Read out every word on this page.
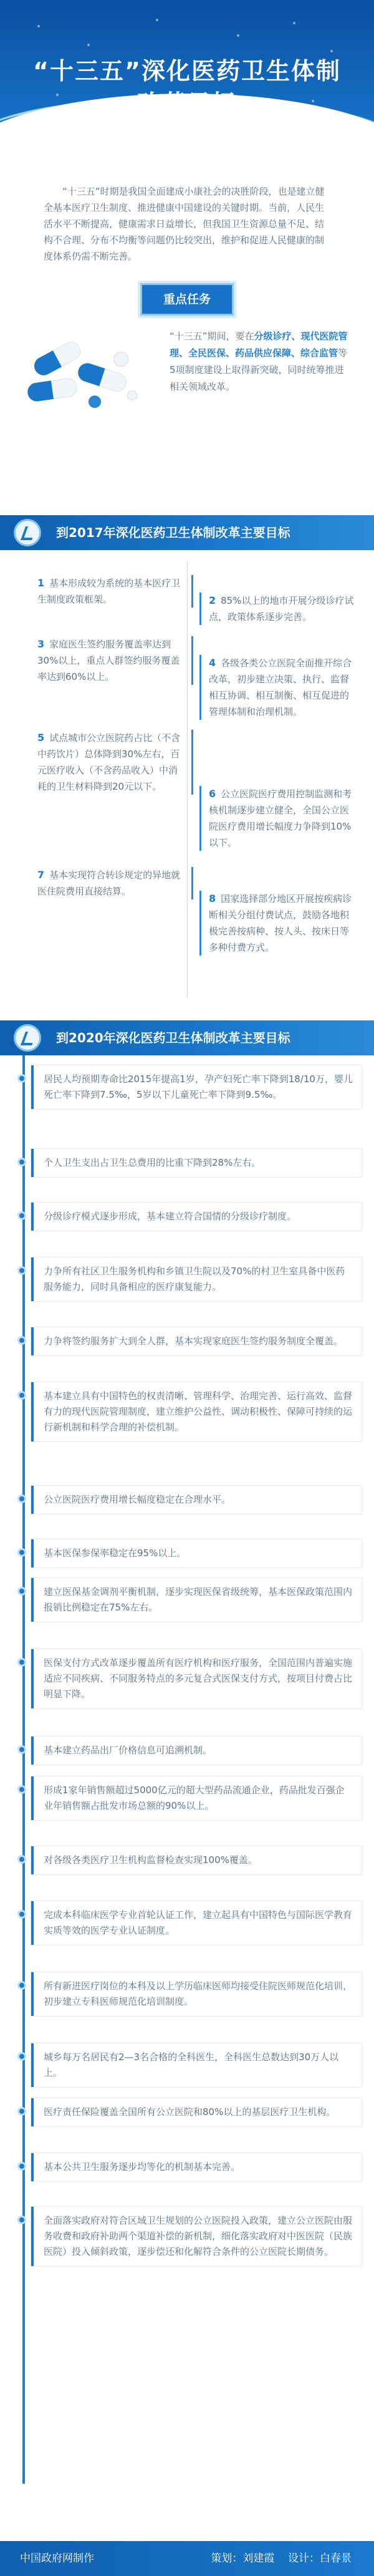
“十三五”深化医药卫生体制

“十三五”时期是我国全面建成小康社会的决胜阶段，也是建立健全基本医疗卫生制度、推进健康中国建设的关键时期。当前，人民生活水平不断提高，健康需求日益增长，但我国卫生资源总量不足、结构不合理、分布不均衡等问题仍比较突出，维护和促进人民健康的制度体系仍需不断完善。

重点任务

“十三五”期间，要在分级诊疗、现代医院管理、全民医保、药品供应保障、综合监管等5项制度建设上取得新突破，同时统筹推进相关领域改革。

到2017年深化医药卫生体制改革主要目标

1 基本形成较为系统的基本医疗卫生制度政策框架。

3 家庭医生签约服务覆盖率达到30%以上，重点人群签约服务覆盖率达到60%以上。

5 试点城市公立医院药占比（不含中药饮片）总体降到30%左右，百元医疗收入（不含药品收入）中消耗的卫生材料降到20元以下。

7 基本实现符合转诊规定的异地就医住院费用直接结算。

2 85%以上的地市开展分级诊疗试点，政策体系逐步完善。

4 各级各类公立医院全面推开综合改革，初步建立决策、执行、监督相互协调、相互制衡、相互促进的管理体制和治理机制。

6 公立医院医疗费用控制监测和考核机制逐步建立健全，全国公立医院医疗费用增长幅度力争降到10%以下。

8 国家选择部分地区开展按疾病诊断相关分组付费试点，鼓励各地积极完善按病种、按人头、按床日等多种付费方式。

到2020年深化医药卫生体制改革主要目标

居民人均预期寿命比2015年提高1岁，孕产妇死亡率下降到18/10万，婴儿死亡率下降到7.5‰，5岁以下儿童死亡率下降到9.5‰。

个人卫生支出占卫生总费用的比重下降到28%左右。

分级诊疗模式逐步形成，基本建立符合国情的分级诊疗制度。

力争所有社区卫生服务机构和乡镇卫生院以及70%的村卫生室具备中医药服务能力，同时具备相应的医疗康复能力。

力争将签约服务扩大到全人群，基本实现家庭医生签约服务制度全覆盖。

基本建立具有中国特色的权责清晰、管理科学、治理完善、运行高效、监督有力的现代医院管理制度，建立维护公益性、调动积极性、保障可持续的运行新机制和科学合理的补偿机制。

公立医院医疗费用增长幅度稳定在合理水平。

基本医保参保率稳定在95%以上。

建立医保基金调剂平衡机制，逐步实现医保省级统筹，基本医保政策范围内报销比例稳定在75%左右。

医保支付方式改革逐步覆盖所有医疗机构和医疗服务，全国范围内普遍实施适应不同疾病、不同服务特点的多元复合式医保支付方式，按项目付费占比明显下降。

基本建立药品出厂价格信息可追溯机制。

形成1家年销售额超过5000亿元的超大型药品流通企业，药品批发百强企业年销售额占批发市场总额的90%以上。

对各级各类医疗卫生机构监督检查实现100%覆盖。

完成本科临床医学专业首轮认证工作，建立起具有中国特色与国际医学教育实质等效的医学专业认证制度。

所有新进医疗岗位的本科及以上学历临床医师均接受住院医师规范化培训，初步建立专科医师规范化培训制度。

城乡每万名居民有2—3名合格的全科医生，全科医生总数达到30万人以上。

医疗责任保险覆盖全国所有公立医院和80%以上的基层医疗卫生机构。

基本公共卫生服务逐步均等化的机制基本完善。

全面落实政府对符合区域卫生规划的公立医院投入政策，建立公立医院由服务收费和政府补助两个渠道补偿的新机制，细化落实政府对中医医院（民族医院）投入倾斜政策，逐步偿还和化解符合条件的公立医院长期债务。

中国政府网制作	策划：刘建霞 设计：白春景
